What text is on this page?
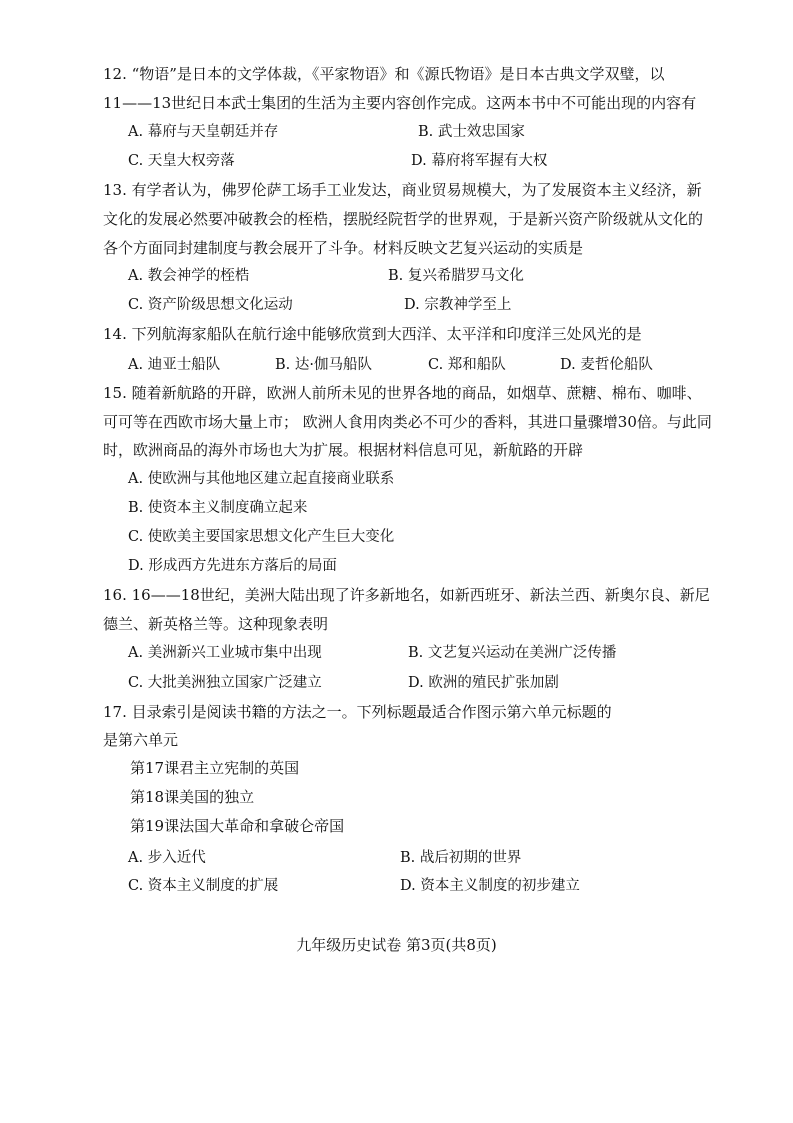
12. “物语”是日本的文学体裁，《平家物语》和《源氏物语》是日本古典文学双璧，以
11——13世纪日本武士集团的生活为主要内容创作完成。这两本书中不可能出现的内容有
A. 幕府与天皇朝廷并存	B. 武士效忠国家
C. 天皇大权旁落	D. 幕府将军握有大权
13. 有学者认为，佛罗伦萨工场手工业发达，商业贸易规模大，为了发展资本主义经济，新
文化的发展必然要冲破教会的桎梏，摆脱经院哲学的世界观，于是新兴资产阶级就从文化的
各个方面同封建制度与教会展开了斗争。材料反映文艺复兴运动的实质是
A. 教会神学的桎梏	B. 复兴希腊罗马文化
C. 资产阶级思想文化运动	D. 宗教神学至上
14. 下列航海家船队在航行途中能够欣赏到大西洋、太平洋和印度洋三处风光的是
A. 迪亚士船队	B. 达·伽马船队	C. 郑和船队	D. 麦哲伦船队
15. 随着新航路的开辟，欧洲人前所未见的世界各地的商品，如烟草、蔗糖、棉布、咖啡、
可可等在西欧市场大量上市； 欧洲人食用肉类必不可少的香料，其进口量骤增30倍。与此同
时，欧洲商品的海外市场也大为扩展。根据材料信息可见，新航路的开辟
A. 使欧洲与其他地区建立起直接商业联系
B. 使资本主义制度确立起来
C. 使欧美主要国家思想文化产生巨大变化
D. 形成西方先进东方落后的局面
16. 16——18世纪，美洲大陆出现了许多新地名，如新西班牙、新法兰西、新奥尔良、新尼
德兰、新英格兰等。这种现象表明
A. 美洲新兴工业城市集中出现	B. 文艺复兴运动在美洲广泛传播
C. 大批美洲独立国家广泛建立	D. 欧洲的殖民扩张加剧
17. 目录索引是阅读书籍的方法之一。下列标题最适合作图示第六单元标题的
是第六单元
第17课君主立宪制的英国
第18课美国的独立
第19课法国大革命和拿破仑帝国
A. 步入近代	B. 战后初期的世界
C. 资本主义制度的扩展	D. 资本主义制度的初步建立
九年级历史试卷 第3页(共8页)
